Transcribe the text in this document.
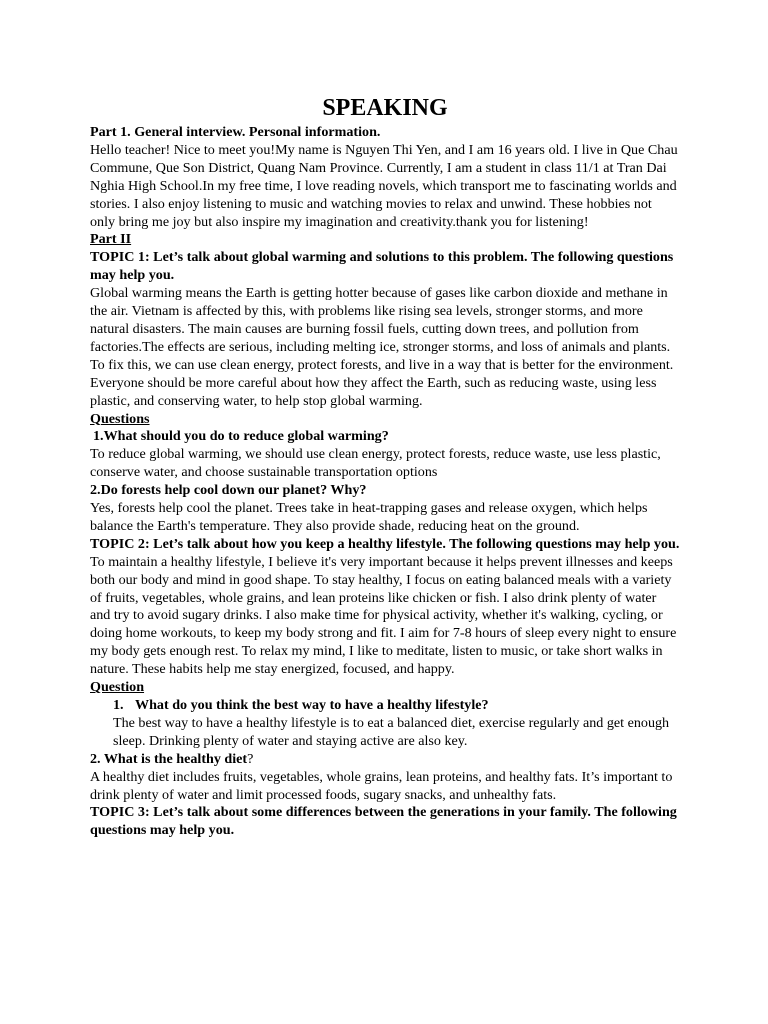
SPEAKING

Part 1. General interview. Personal information.

Hello teacher! Nice to meet you!My name is Nguyen Thi Yen, and I am 16 years old. I live in Que Chau Commune, Que Son District, Quang Nam Province. Currently, I am a student in class 11/1 at Tran Dai Nghia High School.In my free time, I love reading novels, which transport me to fascinating worlds and stories. I also enjoy listening to music and watching movies to relax and unwind. These hobbies not only bring me joy but also inspire my imagination and creativity.thank you for listening!

Part II

TOPIC 1: Let’s talk about global warming and solutions to this problem. The following questions may help you.

Global warming means the Earth is getting hotter because of gases like carbon dioxide and methane in the air. Vietnam is affected by this, with problems like rising sea levels, stronger storms, and more natural disasters. The main causes are burning fossil fuels, cutting down trees, and pollution from factories.The effects are serious, including melting ice, stronger storms, and loss of animals and plants. To fix this, we can use clean energy, protect forests, and live in a way that is better for the environment. Everyone should be more careful about how they affect the Earth, such as reducing waste, using less plastic, and conserving water, to help stop global warming.

Questions

1.What should you do to reduce global warming?

To reduce global warming, we should use clean energy, protect forests, reduce waste, use less plastic, conserve water, and choose sustainable transportation options

2.Do forests help cool down our planet? Why?

Yes, forests help cool the planet. Trees take in heat-trapping gases and release oxygen, which helps balance the Earth's temperature. They also provide shade, reducing heat on the ground.

TOPIC 2: Let’s talk about how you keep a healthy lifestyle. The following questions may help you.

To maintain a healthy lifestyle, I believe it's very important because it helps prevent illnesses and keeps both our body and mind in good shape. To stay healthy, I focus on eating balanced meals with a variety of fruits, vegetables, whole grains, and lean proteins like chicken or fish. I also drink plenty of water and try to avoid sugary drinks. I also make time for physical activity, whether it's walking, cycling, or doing home workouts, to keep my body strong and fit. I aim for 7-8 hours of sleep every night to ensure my body gets enough rest. To relax my mind, I like to meditate, listen to music, or take short walks in nature. These habits help me stay energized, focused, and happy.

Question

1. What do you think the best way to have a healthy lifestyle?

The best way to have a healthy lifestyle is to eat a balanced diet, exercise regularly and get enough sleep. Drinking plenty of water and staying active are also key.

2. What is the healthy diet?

A healthy diet includes fruits, vegetables, whole grains, lean proteins, and healthy fats. It’s important to drink plenty of water and limit processed foods, sugary snacks, and unhealthy fats.

TOPIC 3: Let’s talk about some differences between the generations in your family. The following questions may help you.
